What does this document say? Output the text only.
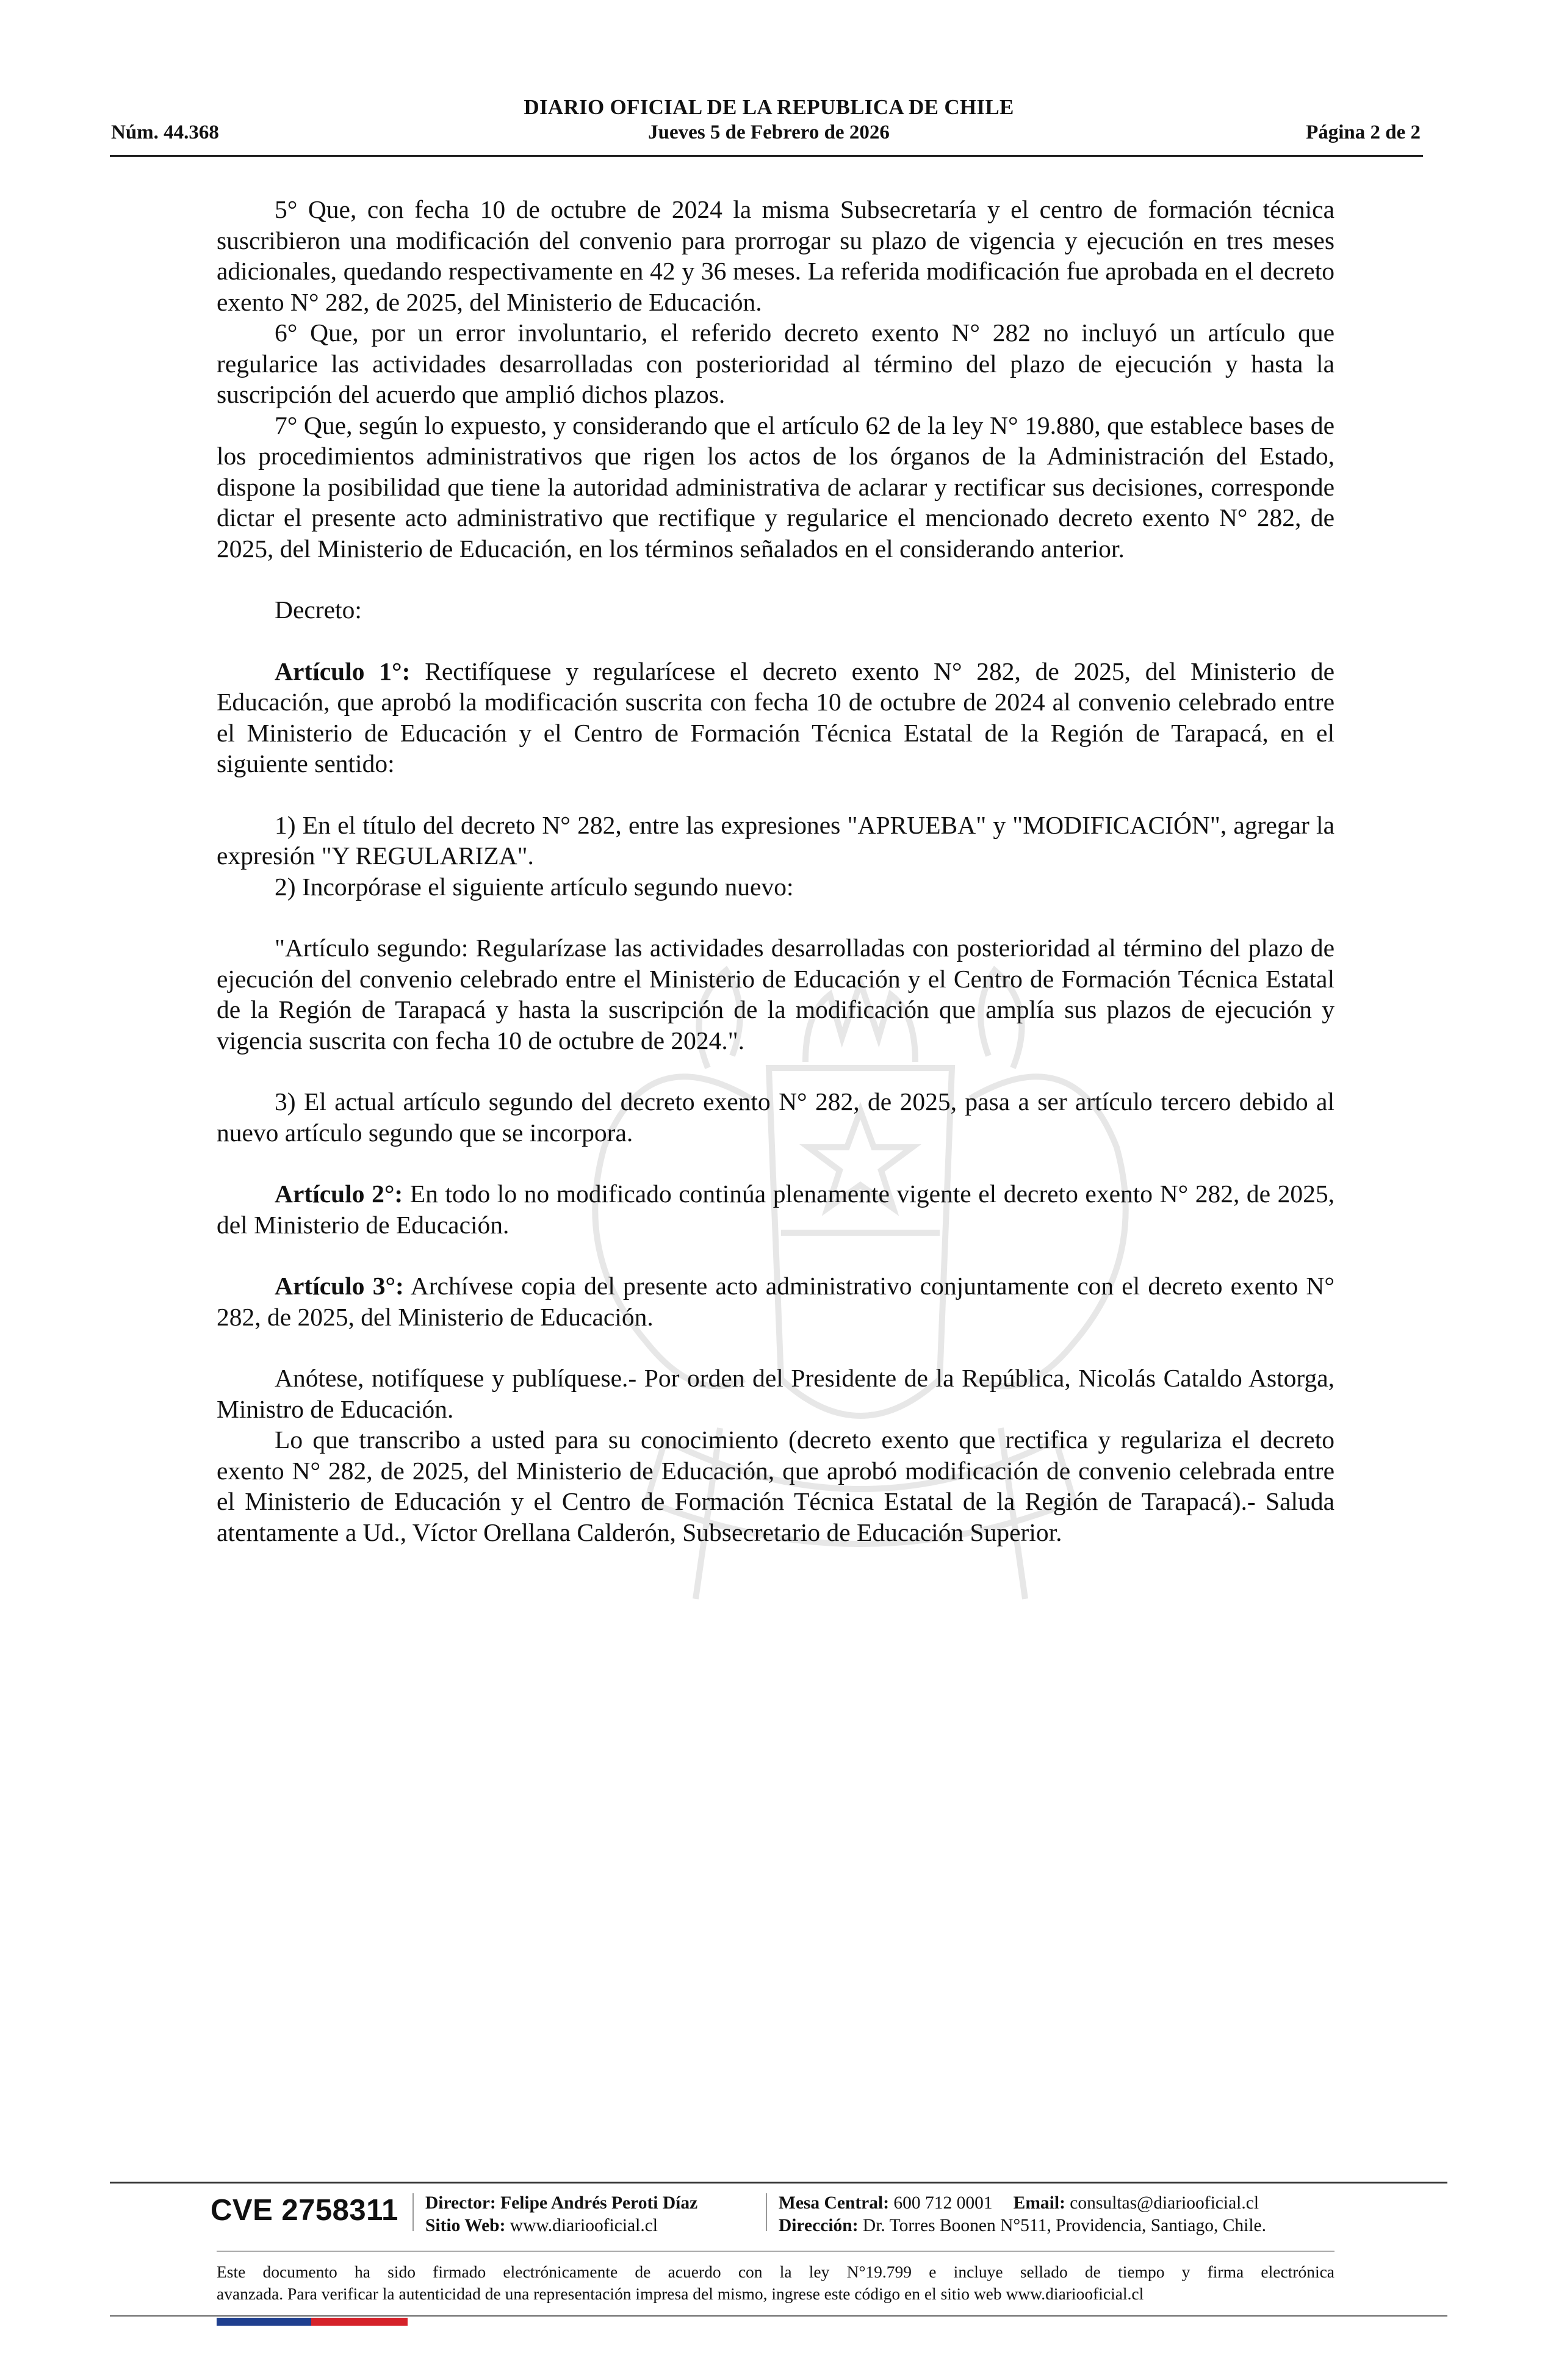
DIARIO OFICIAL DE LA REPUBLICA DE CHILE
Núm. 44.368	Jueves 5 de Febrero de 2026	Página 2 de 2

5° Que, con fecha 10 de octubre de 2024 la misma Subsecretaría y el centro de formación técnica suscribieron una modificación del convenio para prorrogar su plazo de vigencia y ejecución en tres meses adicionales, quedando respectivamente en 42 y 36 meses. La referida modificación fue aprobada en el decreto exento N° 282, de 2025, del Ministerio de Educación.

6° Que, por un error involuntario, el referido decreto exento N° 282 no incluyó un artículo que regularice las actividades desarrolladas con posterioridad al término del plazo de ejecución y hasta la suscripción del acuerdo que amplió dichos plazos.

7° Que, según lo expuesto, y considerando que el artículo 62 de la ley N° 19.880, que establece bases de los procedimientos administrativos que rigen los actos de los órganos de la Administración del Estado, dispone la posibilidad que tiene la autoridad administrativa de aclarar y rectificar sus decisiones, corresponde dictar el presente acto administrativo que rectifique y regularice el mencionado decreto exento N° 282, de 2025, del Ministerio de Educación, en los términos señalados en el considerando anterior.

Decreto:

Artículo 1°: Rectifíquese y regularícese el decreto exento N° 282, de 2025, del Ministerio de Educación, que aprobó la modificación suscrita con fecha 10 de octubre de 2024 al convenio celebrado entre el Ministerio de Educación y el Centro de Formación Técnica Estatal de la Región de Tarapacá, en el siguiente sentido:

1) En el título del decreto N° 282, entre las expresiones "APRUEBA" y "MODIFICACIÓN", agregar la expresión "Y REGULARIZA".

2) Incorpórase el siguiente artículo segundo nuevo:

"Artículo segundo: Regularízase las actividades desarrolladas con posterioridad al término del plazo de ejecución del convenio celebrado entre el Ministerio de Educación y el Centro de Formación Técnica Estatal de la Región de Tarapacá y hasta la suscripción de la modificación que amplía sus plazos de ejecución y vigencia suscrita con fecha 10 de octubre de 2024.".

3) El actual artículo segundo del decreto exento N° 282, de 2025, pasa a ser artículo tercero debido al nuevo artículo segundo que se incorpora.

Artículo 2°: En todo lo no modificado continúa plenamente vigente el decreto exento N° 282, de 2025, del Ministerio de Educación.

Artículo 3°: Archívese copia del presente acto administrativo conjuntamente con el decreto exento N° 282, de 2025, del Ministerio de Educación.

Anótese, notifíquese y publíquese.- Por orden del Presidente de la República, Nicolás Cataldo Astorga, Ministro de Educación.

Lo que transcribo a usted para su conocimiento (decreto exento que rectifica y regulariza el decreto exento N° 282, de 2025, del Ministerio de Educación, que aprobó modificación de convenio celebrada entre el Ministerio de Educación y el Centro de Formación Técnica Estatal de la Región de Tarapacá).- Saluda atentamente a Ud., Víctor Orellana Calderón, Subsecretario de Educación Superior.

CVE 2758311 Director: Felipe Andrés Peroti Díaz
Sitio Web: www.diariooficial.cl
Mesa Central: 600 712 0001 Email: consultas@diariooficial.cl
Dirección: Dr. Torres Boonen N°511, Providencia, Santiago, Chile.
Este documento ha sido firmado electrónicamente de acuerdo con la ley N°19.799 e incluye sellado de tiempo y firma electrónica
avanzada. Para verificar la autenticidad de una representación impresa del mismo, ingrese este código en el sitio web www.diariooficial.cl
